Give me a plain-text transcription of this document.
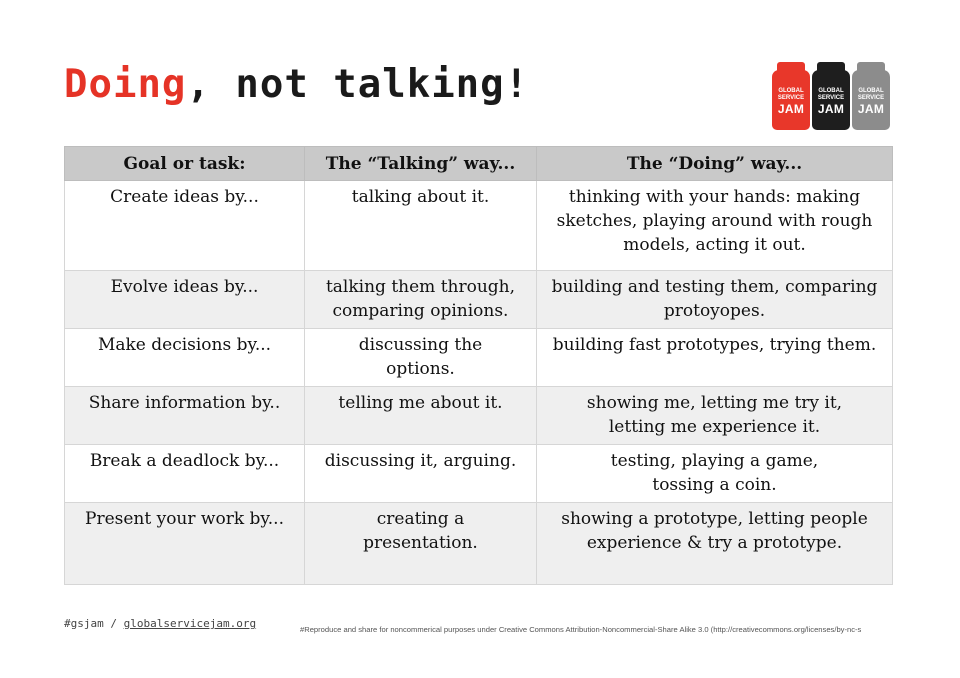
Doing, not talking!	GLOBAL
SERVICE
JAM
GLOBAL
SERVICE
JAM
GLOBAL
SERVICE
JAM
Goal or task:	The “Talking” way...	The “Doing” way...
Create ideas by...	talking about it.	thinking with your hands: making sketches, playing around with rough models, acting it out.
Evolve ideas by...	talking them through, comparing opinions.	building and testing them, comparing protoyopes.
Make decisions by...	discussing the options.	building fast prototypes, trying them.
Share information by..	telling me about it.	showing me, letting me try it, letting me experience it.
Break a deadlock by...	discussing it, arguing.	testing, playing a game, tossing a coin.
Present your work by...	creating a presentation.	showing a prototype, letting people experience & try a prototype.
#gsjam / globalservicejam.org	#Reproduce and share for noncommerical purposes under Creative Commons Attribution-Noncommercial-Share Alike 3.0 (http://creativecommons.org/licenses/by-nc-s
